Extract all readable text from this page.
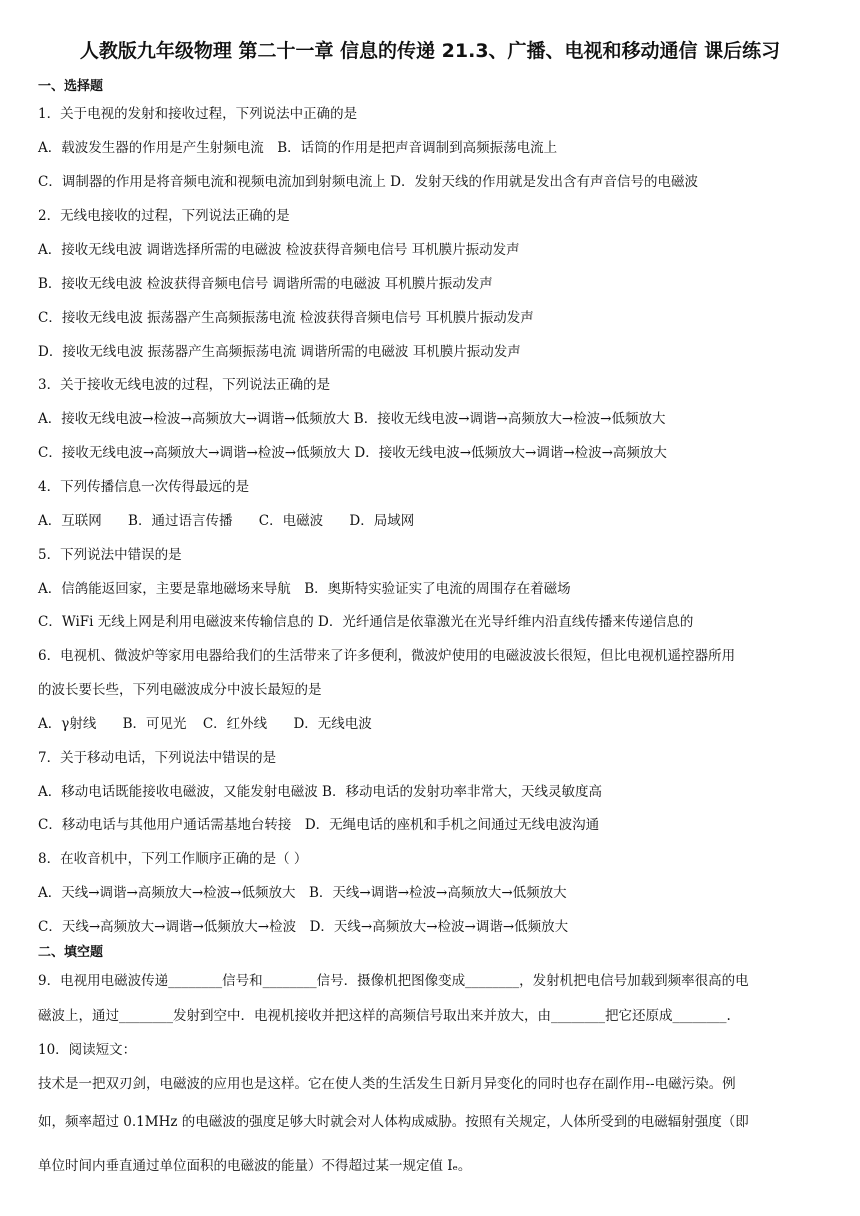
人教版九年级物理 第二十一章 信息的传递 21.3、广播、电视和移动通信 课后练习
一、选择题
1．关于电视的发射和接收过程，下列说法中正确的是
A．载波发生器的作用是产生射频电流　B．话筒的作用是把声音调制到高频振荡电流上
C．调制器的作用是将音频电流和视频电流加到射频电流上 D．发射天线的作用就是发出含有声音信号的电磁波
2．无线电接收的过程，下列说法正确的是
A．接收无线电波 调谐选择所需的电磁波 检波获得音频电信号 耳机膜片振动发声
B．接收无线电波 检波获得音频电信号 调谐所需的电磁波 耳机膜片振动发声
C．接收无线电波 振荡器产生高频振荡电流 检波获得音频电信号 耳机膜片振动发声
D．接收无线电波 振荡器产生高频振荡电流 调谐所需的电磁波 耳机膜片振动发声
3．关于接收无线电波的过程，下列说法正确的是
A．接收无线电波→检波→高频放大→调谐→低频放大 B．接收无线电波→调谐→高频放大→检波→低频放大
C．接收无线电波→高频放大→调谐→检波→低频放大 D．接收无线电波→低频放大→调谐→检波→高频放大
4．下列传播信息一次传得最远的是
A．互联网 B．通过语言传播 C．电磁波 D．局域网
5．下列说法中错误的是
A．信鸽能返回家，主要是靠地磁场来导航　B．奥斯特实验证实了电流的周围存在着磁场
C．WiFi 无线上网是利用电磁波来传输信息的 D．光纤通信是依靠激光在光导纤维内沿直线传播来传递信息的
6．电视机、微波炉等家用电器给我们的生活带来了许多便利，微波炉使用的电磁波波长很短，但比电视机遥控器所用
的波长要长些，下列电磁波成分中波长最短的是
A．γ射线 B．可见光 C．红外线 D．无线电波
7．关于移动电话，下列说法中错误的是
A．移动电话既能接收电磁波，又能发射电磁波 B．移动电话的发射功率非常大，天线灵敏度高
C．移动电话与其他用户通话需基地台转接　D．无绳电话的座机和手机之间通过无线电波沟通
8．在收音机中，下列工作顺序正确的是（ ）
A．天线→调谐→高频放大→检波→低频放大　B．天线→调谐→检波→高频放大→低频放大
C．天线→高频放大→调谐→低频放大→检波　D．天线→高频放大→检波→调谐→低频放大
二、填空题
9．电视用电磁波传递________信号和________信号．摄像机把图像变成________，发射机把电信号加载到频率很高的电
磁波上，通过________发射到空中．电视机接收并把这样的高频信号取出来并放大，由________把它还原成________.
10．阅读短文：
技术是一把双刃剑，电磁波的应用也是这样。它在使人类的生活发生日新月异变化的同时也存在副作用--电磁污染。例
如，频率超过 0.1MHz 的电磁波的强度足够大时就会对人体构成威胁。按照有关规定，人体所受到的电磁辐射强度（即
单位时间内垂直通过单位面积的电磁波的能量）不得超过某一规定值 Iₑ。
